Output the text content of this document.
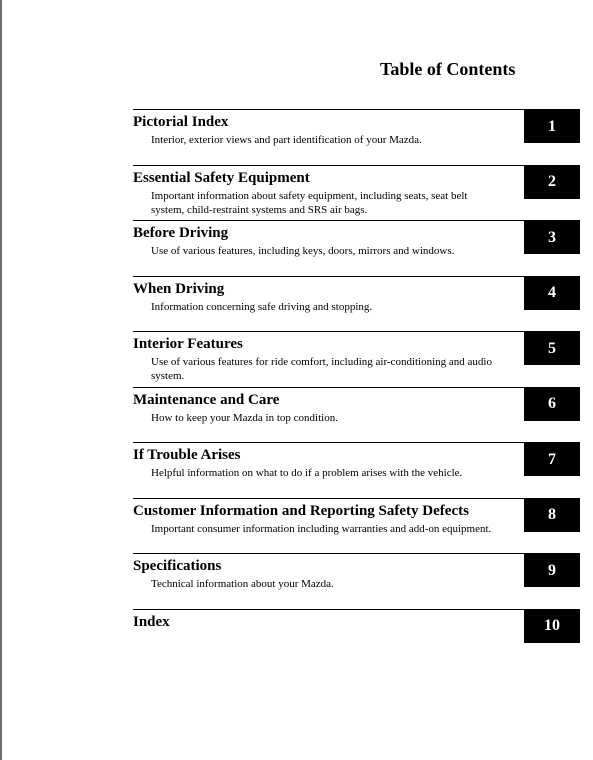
Table of Contents
Pictorial Index
Interior, exterior views and part identification of your Mazda.
1
Essential Safety Equipment
Important information about safety equipment, including seats, seat belt system, child-restraint systems and SRS air bags.
2
Before Driving
Use of various features, including keys, doors, mirrors and windows.
3
When Driving
Information concerning safe driving and stopping.
4
Interior Features
Use of various features for ride comfort, including air-conditioning and audio system.
5
Maintenance and Care
How to keep your Mazda in top condition.
6
If Trouble Arises
Helpful information on what to do if a problem arises with the vehicle.
7
Customer Information and Reporting Safety Defects
Important consumer information including warranties and add-on equipment.
8
Specifications
Technical information about your Mazda.
9
Index	10
